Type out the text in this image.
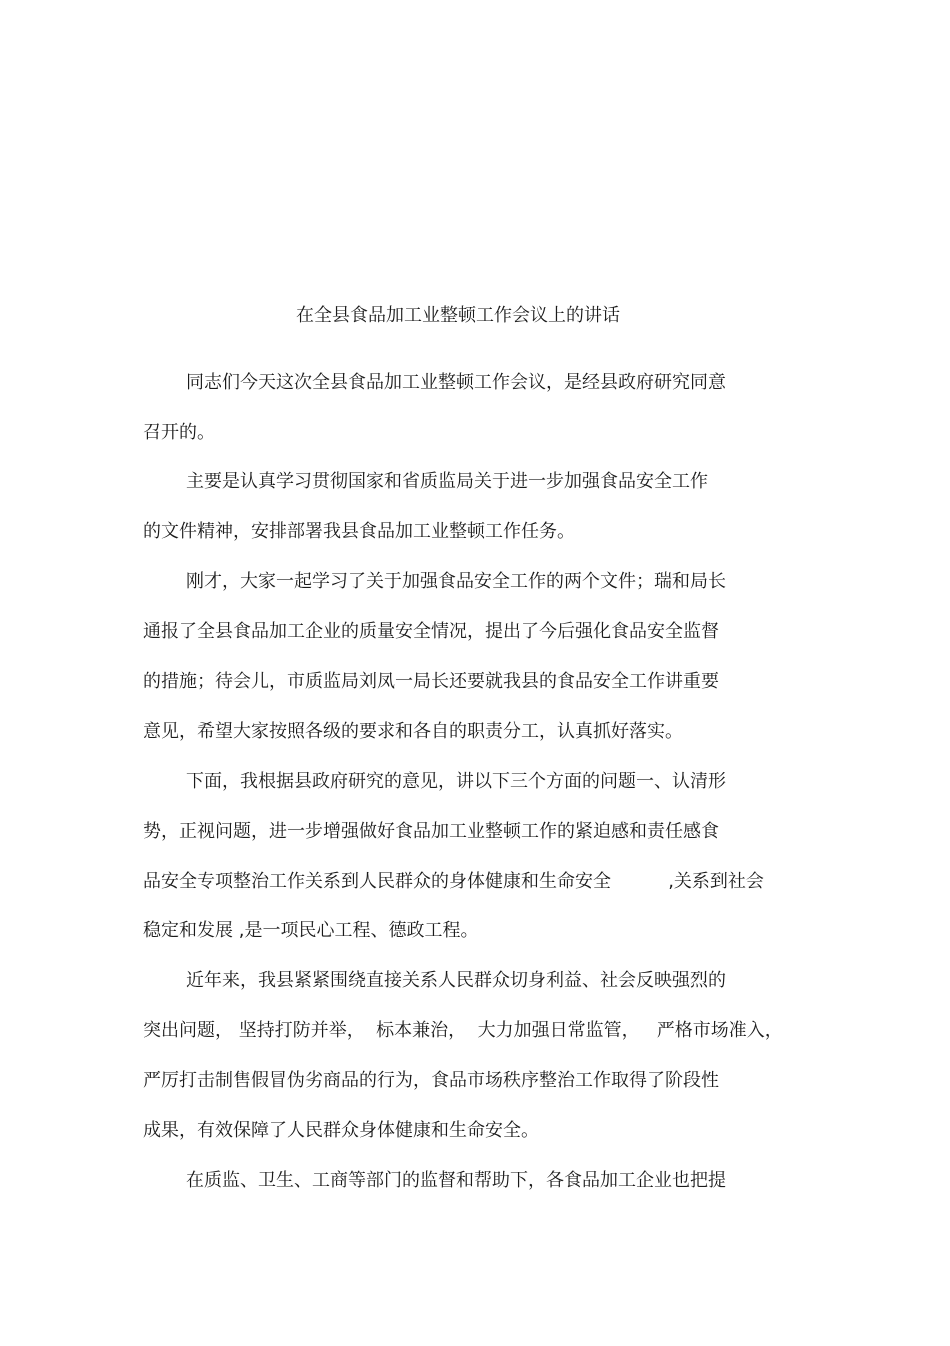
在全县食品加工业整顿工作会议上的讲话
同志们今天这次全县食品加工业整顿工作会议，是经县政府研究同意
召开的。
主要是认真学习贯彻国家和省质监局关于进一步加强食品安全工作
的文件精神，安排部署我县食品加工业整顿工作任务。
刚才，大家一起学习了关于加强食品安全工作的两个文件；瑞和局长
通报了全县食品加工企业的质量安全情况，提出了今后强化食品安全监督
的措施；待会儿，市质监局刘凤一局长还要就我县的食品安全工作讲重要
意见，希望大家按照各级的要求和各自的职责分工，认真抓好落实。
下面，我根据县政府研究的意见，讲以下三个方面的问题一、认清形
势，正视问题，进一步增强做好食品加工业整顿工作的紧迫感和责任感食
品安全专项整治工作关系到人民群众的身体健康和生命安全          ,关系到社会
稳定和发展 ,是一项民心工程、德政工程。
近年来，我县紧紧围绕直接关系人民群众切身利益、社会反映强烈的
突出问题， 坚持打防并举，  标本兼治，  大力加强日常监管，   严格市场准入，
严厉打击制售假冒伪劣商品的行为，食品市场秩序整治工作取得了阶段性
成果，有效保障了人民群众身体健康和生命安全。
在质监、卫生、工商等部门的监督和帮助下，各食品加工企业也把提
